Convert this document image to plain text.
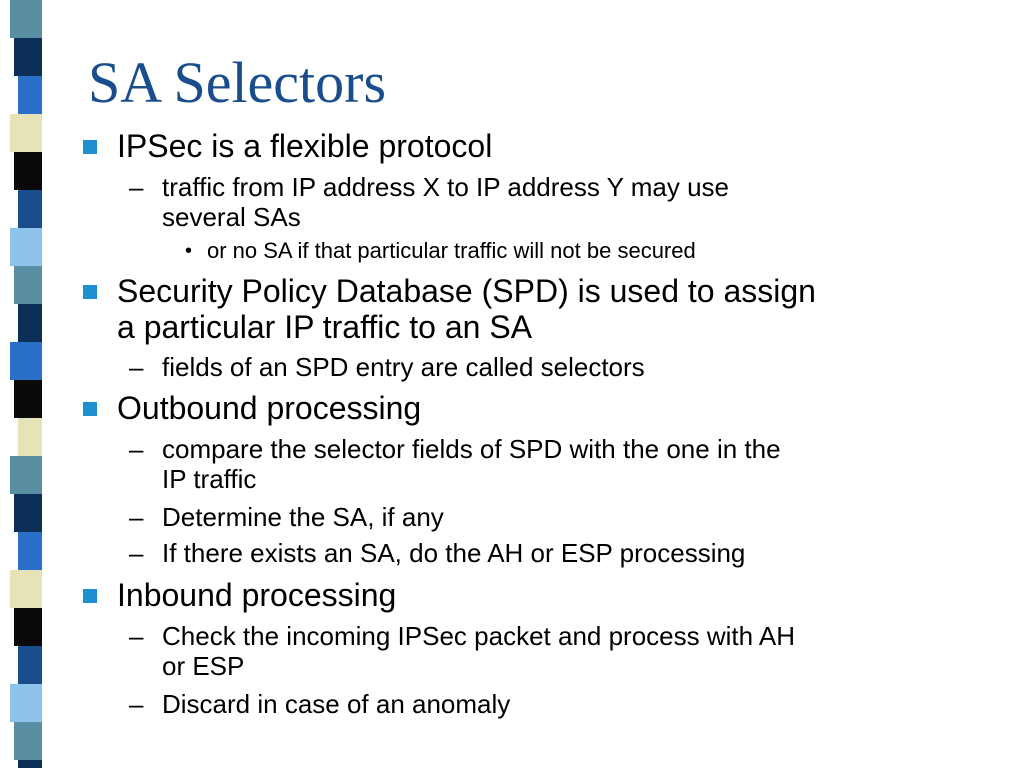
SA Selectors
IPSec is a flexible protocol
– traffic from IP address X to IP address Y may use
several SAs
• or no SA if that particular traffic will not be secured
Security Policy Database (SPD) is used to assign
a particular IP traffic to an SA
– fields of an SPD entry are called selectors
Outbound processing
– compare the selector fields of SPD with the one in the
IP traffic
– Determine the SA, if any
– If there exists an SA, do the AH or ESP processing
Inbound processing
– Check the incoming IPSec packet and process with AH
or ESP
– Discard in case of an anomaly
